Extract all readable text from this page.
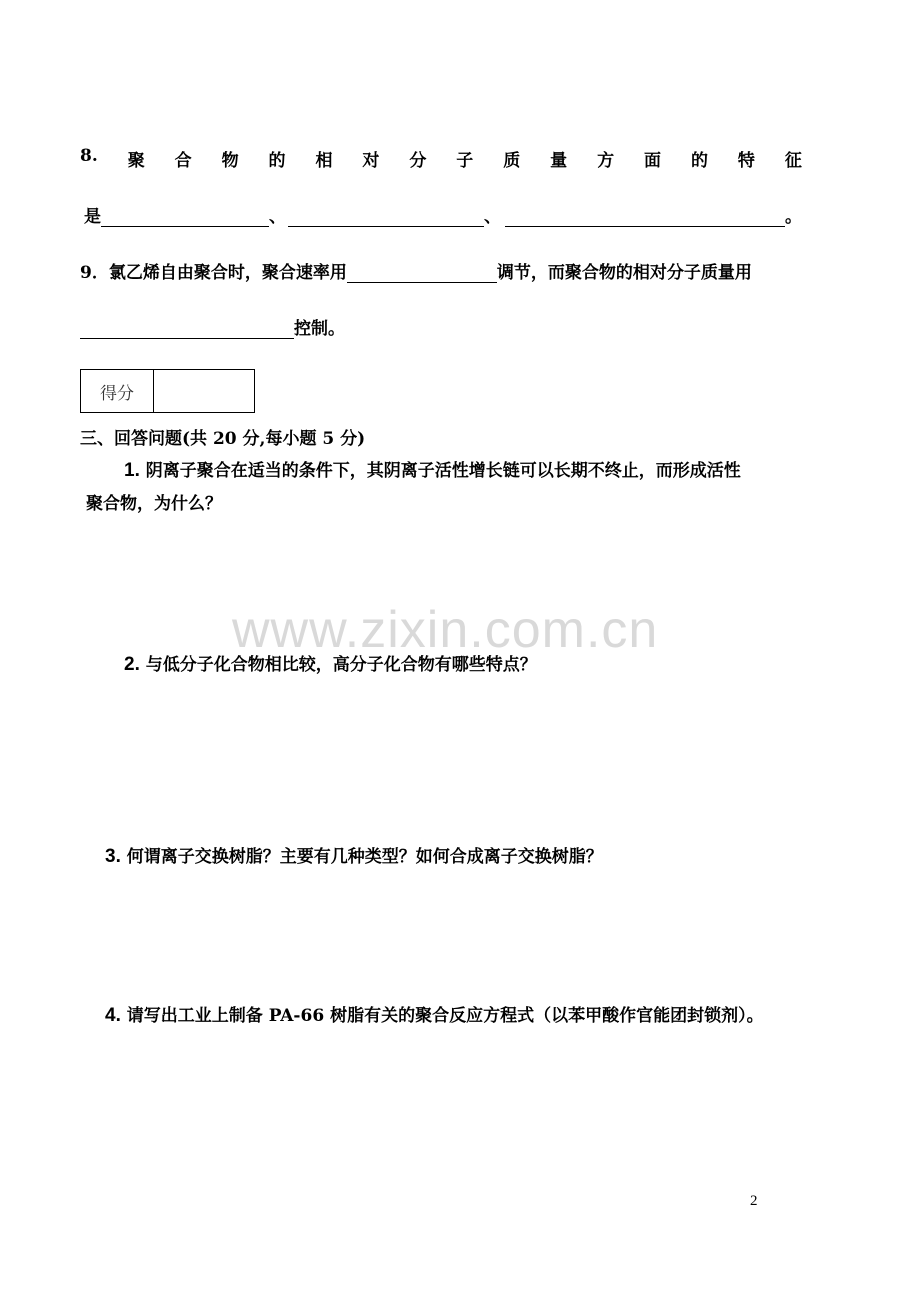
8. 聚 合 物 的 相 对 分 子 质 量 方 面 的 特 征
是	、	、	。
9．氯乙烯自由聚合时，聚合速率用	调节，而聚合物的相对分子质量用
控制。
得分
三、回答问题(共 20 分,每小题 5 分)
1. 阴离子聚合在适当的条件下，其阴离子活性增长链可以长期不终止，而形成活性
聚合物，为什么？
www.zixin.com.cn
2. 与低分子化合物相比较，高分子化合物有哪些特点？
3. 何谓离子交换树脂？主要有几种类型？如何合成离子交换树脂？
4. 请写出工业上制备 PA-66 树脂有关的聚合反应方程式（以苯甲酸作官能团封锁剂）。
2
